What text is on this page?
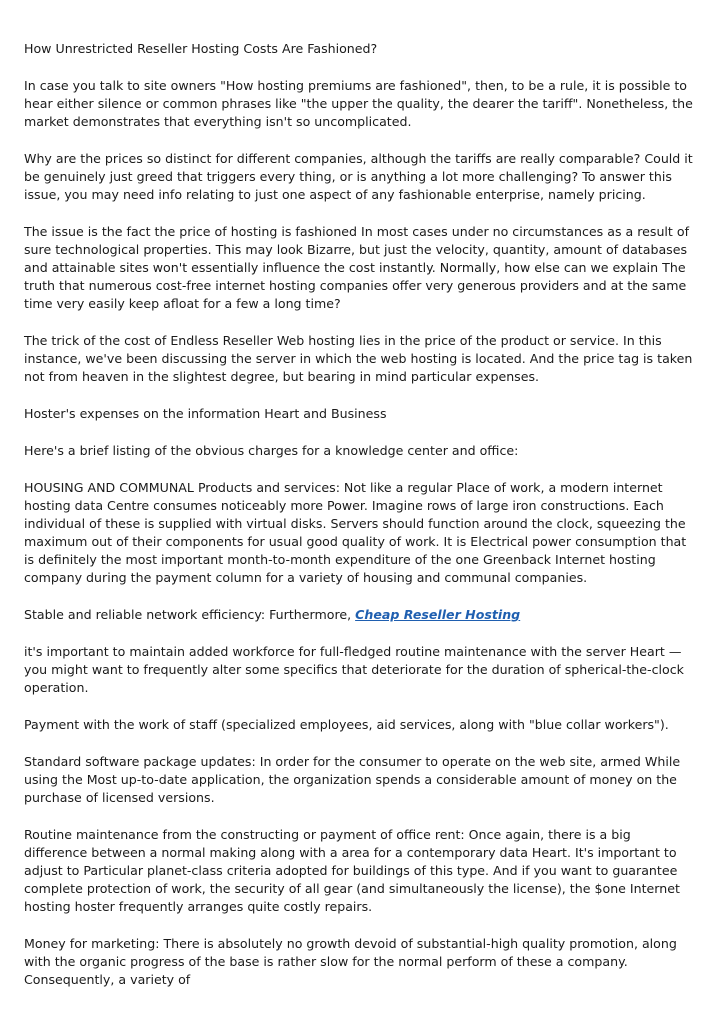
How Unrestricted Reseller Hosting Costs Are Fashioned?

In case you talk to site owners "How hosting premiums are fashioned", then, to be a rule, it is possible to hear either silence or common phrases like "the upper the quality, the dearer the tariff". Nonetheless, the market demonstrates that everything isn't so uncomplicated.

Why are the prices so distinct for different companies, although the tariffs are really comparable? Could it be genuinely just greed that triggers every thing, or is anything a lot more challenging? To answer this issue, you may need info relating to just one aspect of any fashionable enterprise, namely pricing.

The issue is the fact the price of hosting is fashioned In most cases under no circumstances as a result of sure technological properties. This may look Bizarre, but just the velocity, quantity, amount of databases and attainable sites won't essentially influence the cost instantly. Normally, how else can we explain The truth that numerous cost-free internet hosting companies offer very generous providers and at the same time very easily keep afloat for a few a long time?

The trick of the cost of Endless Reseller Web hosting lies in the price of the product or service. In this instance, we've been discussing the server in which the web hosting is located. And the price tag is taken not from heaven in the slightest degree, but bearing in mind particular expenses.

Hoster's expenses on the information Heart and Business

Here's a brief listing of the obvious charges for a knowledge center and office:

HOUSING AND COMMUNAL Products and services: Not like a regular Place of work, a modern internet hosting data Centre consumes noticeably more Power. Imagine rows of large iron constructions. Each individual of these is supplied with virtual disks. Servers should function around the clock, squeezing the maximum out of their components for usual good quality of work. It is Electrical power consumption that is definitely the most important month-to-month expenditure of the one Greenback Internet hosting company during the payment column for a variety of housing and communal companies.

Stable and reliable network efficiency: Furthermore, Cheap Reseller Hosting

it's important to maintain added workforce for full-fledged routine maintenance with the server Heart — you might want to frequently alter some specifics that deteriorate for the duration of spherical-the-clock operation.

Payment with the work of staff (specialized employees, aid services, along with "blue collar workers").

Standard software package updates: In order for the consumer to operate on the web site, armed While using the Most up-to-date application, the organization spends a considerable amount of money on the purchase of licensed versions.

Routine maintenance from the constructing or payment of office rent: Once again, there is a big difference between a normal making along with a area for a contemporary data Heart. It's important to adjust to Particular planet-class criteria adopted for buildings of this type. And if you want to guarantee complete protection of work, the security of all gear (and simultaneously the license), the $one Internet hosting hoster frequently arranges quite costly repairs.

Money for marketing: There is absolutely no growth devoid of substantial-high quality promotion, along with the organic progress of the base is rather slow for the normal perform of these a company. Consequently, a variety of
